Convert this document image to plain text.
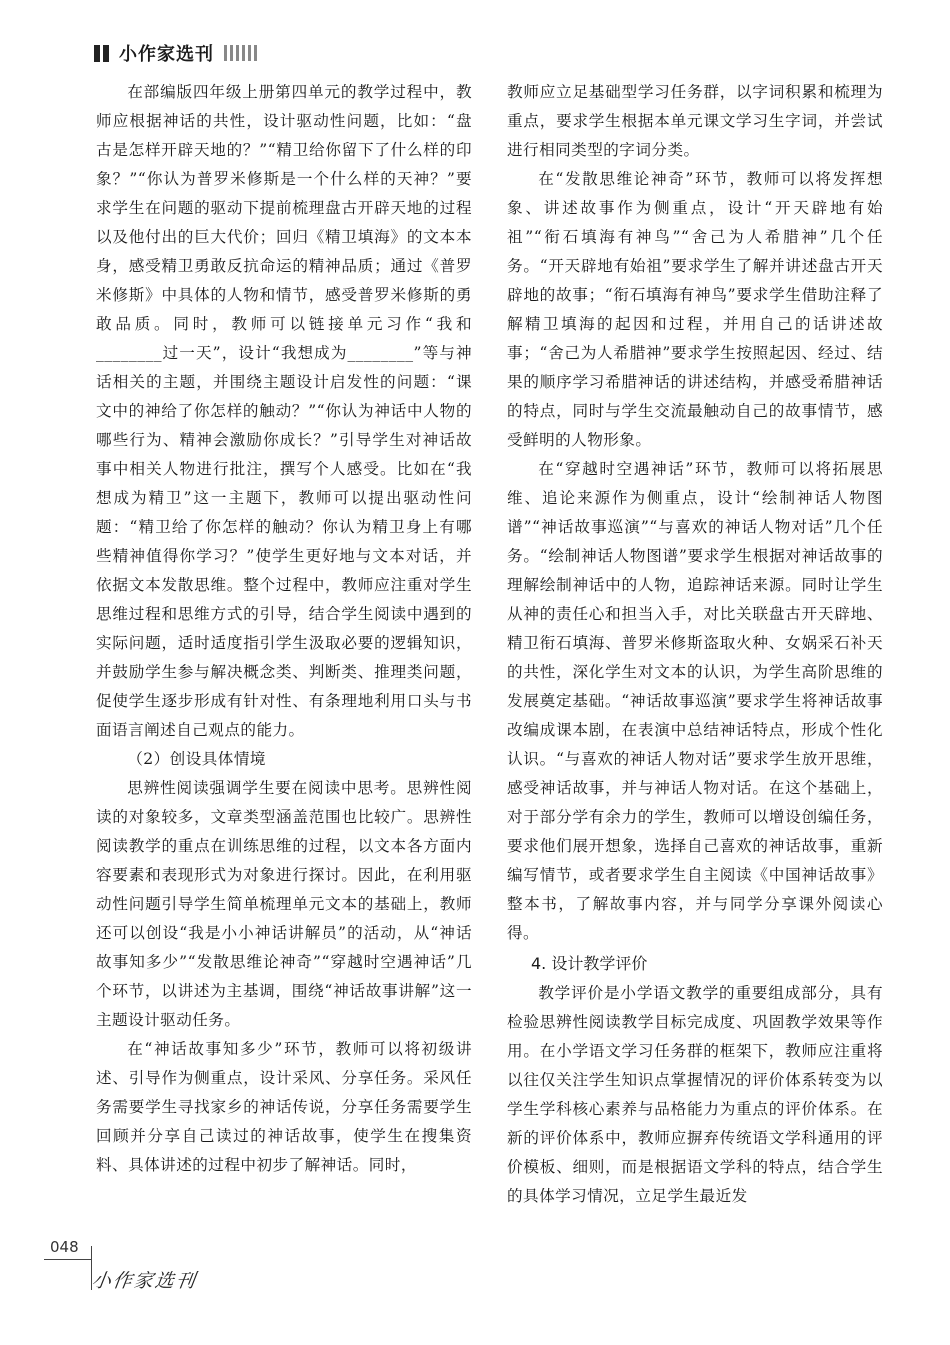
小作家选刊

在部编版四年级上册第四单元的教学过程中，教师应根据神话的共性，设计驱动性问题，比如：“盘古是怎样开辟天地的？”“精卫给你留下了什么样的印象？”“你认为普罗米修斯是一个什么样的天神？”要求学生在问题的驱动下提前梳理盘古开辟天地的过程以及他付出的巨大代价；回归《精卫填海》的文本本身，感受精卫勇敢反抗命运的精神品质；通过《普罗米修斯》中具体的人物和情节，感受普罗米修斯的勇敢品质。同时，教师可以链接单元习作“我和________过一天”，设计“我想成为________”等与神话相关的主题，并围绕主题设计启发性的问题：“课文中的神给了你怎样的触动？”“你认为神话中人物的哪些行为、精神会激励你成长？”引导学生对神话故事中相关人物进行批注，撰写个人感受。比如在“我想成为精卫”这一主题下，教师可以提出驱动性问题：“精卫给了你怎样的触动？你认为精卫身上有哪些精神值得你学习？”使学生更好地与文本对话，并依据文本发散思维。整个过程中，教师应注重对学生思维过程和思维方式的引导，结合学生阅读中遇到的实际问题，适时适度指引学生汲取必要的逻辑知识，并鼓励学生参与解决概念类、判断类、推理类问题，促使学生逐步形成有针对性、有条理地利用口头与书面语言阐述自己观点的能力。

（2）创设具体情境

思辨性阅读强调学生要在阅读中思考。思辨性阅读的对象较多，文章类型涵盖范围也比较广。思辨性阅读教学的重点在训练思维的过程，以文本各方面内容要素和表现形式为对象进行探讨。因此，在利用驱动性问题引导学生简单梳理单元文本的基础上，教师还可以创设“我是小小神话讲解员”的活动，从“神话故事知多少”“发散思维论神奇”“穿越时空遇神话”几个环节，以讲述为主基调，围绕“神话故事讲解”这一主题设计驱动任务。

在“神话故事知多少”环节，教师可以将初级讲述、引导作为侧重点，设计采风、分享任务。采风任务需要学生寻找家乡的神话传说，分享任务需要学生回顾并分享自己读过的神话故事，使学生在搜集资料、具体讲述的过程中初步了解神话。同时，

教师应立足基础型学习任务群，以字词积累和梳理为重点，要求学生根据本单元课文学习生字词，并尝试进行相同类型的字词分类。

在“发散思维论神奇”环节，教师可以将发挥想象、讲述故事作为侧重点，设计“开天辟地有始祖”“衔石填海有神鸟”“舍己为人希腊神”几个任务。“开天辟地有始祖”要求学生了解并讲述盘古开天辟地的故事；“衔石填海有神鸟”要求学生借助注释了解精卫填海的起因和过程，并用自己的话讲述故事；“舍己为人希腊神”要求学生按照起因、经过、结果的顺序学习希腊神话的讲述结构，并感受希腊神话的特点，同时与学生交流最触动自己的故事情节，感受鲜明的人物形象。

在“穿越时空遇神话”环节，教师可以将拓展思维、追论来源作为侧重点，设计“绘制神话人物图谱”“神话故事巡演”“与喜欢的神话人物对话”几个任务。“绘制神话人物图谱”要求学生根据对神话故事的理解绘制神话中的人物，追踪神话来源。同时让学生从神的责任心和担当入手，对比关联盘古开天辟地、精卫衔石填海、普罗米修斯盗取火种、女娲采石补天的共性，深化学生对文本的认识，为学生高阶思维的发展奠定基础。“神话故事巡演”要求学生将神话故事改编成课本剧，在表演中总结神话特点，形成个性化认识。“与喜欢的神话人物对话”要求学生放开思维，感受神话故事，并与神话人物对话。在这个基础上，对于部分学有余力的学生，教师可以增设创编任务，要求他们展开想象，选择自己喜欢的神话故事，重新编写情节，或者要求学生自主阅读《中国神话故事》整本书，了解故事内容，并与同学分享课外阅读心得。

4. 设计教学评价

教学评价是小学语文教学的重要组成部分，具有检验思辨性阅读教学目标完成度、巩固教学效果等作用。在小学语文学习任务群的框架下，教师应注重将以往仅关注学生知识点掌握情况的评价体系转变为以学生学科核心素养与品格能力为重点的评价体系。在新的评价体系中，教师应摒弃传统语文学科通用的评价模板、细则，而是根据语文学科的特点，结合学生的具体学习情况，立足学生最近发

048
小作家选刊
